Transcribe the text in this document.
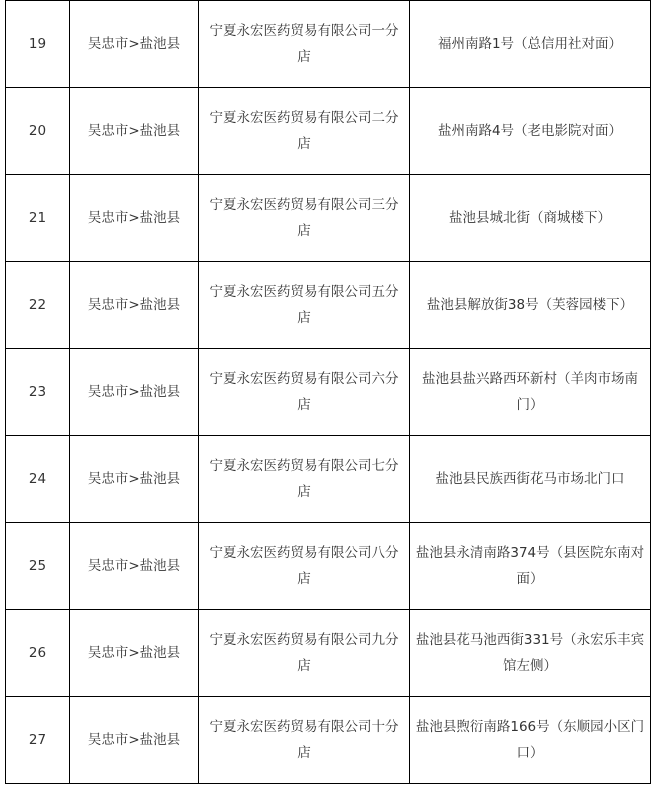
19	吴忠市>盐池县	宁夏永宏医药贸易有限公司一分店	福州南路1号（总信用社对面）

20	吴忠市>盐池县	宁夏永宏医药贸易有限公司二分店	盐州南路4号（老电影院对面）

21	吴忠市>盐池县	宁夏永宏医药贸易有限公司三分店	盐池县城北街（商城楼下）

22	吴忠市>盐池县	宁夏永宏医药贸易有限公司五分店	盐池县解放街38号（芙蓉园楼下）

23	吴忠市>盐池县	宁夏永宏医药贸易有限公司六分店	盐池县盐兴路西环新村（羊肉市场南门）

24	吴忠市>盐池县	宁夏永宏医药贸易有限公司七分店	盐池县民族西街花马市场北门口

25	吴忠市>盐池县	宁夏永宏医药贸易有限公司八分店	盐池县永清南路374号（县医院东南对面）

26	吴忠市>盐池县	宁夏永宏医药贸易有限公司九分店	盐池县花马池西街331号（永宏乐丰宾馆左侧）

27	吴忠市>盐池县	宁夏永宏医药贸易有限公司十分店	盐池县煦衍南路166号（东顺园小区门口）
